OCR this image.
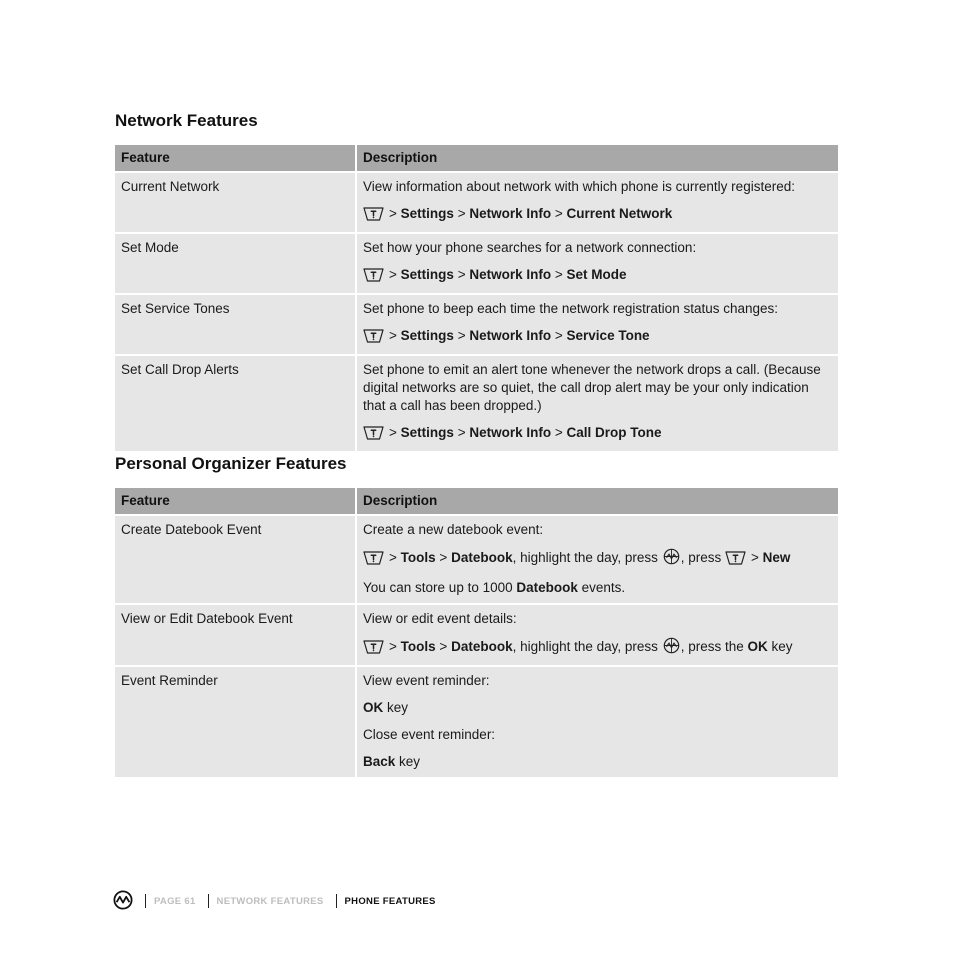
Network Features
Feature	Description
Current Network	View information about network with which phone is currently registered:

> Settings > Network Info > Current Network

Set Mode	Set how your phone searches for a network connection:

> Settings > Network Info > Set Mode

Set Service Tones	Set phone to beep each time the network registration status changes:

> Settings > Network Info > Service Tone

Set Call Drop Alerts	Set phone to emit an alert tone whenever the network drops a call. (Because digital networks are so quiet, the call drop alert may be your only indication that a call has been dropped.)

> Settings > Network Info > Call Drop Tone

Personal Organizer Features
Feature	Description
Create Datebook Event	Create a new datebook event:

> Tools > Datebook, highlight the day, press , press > New

You can store up to 1000 Datebook events.

View or Edit Datebook Event	View or edit event details:

> Tools > Datebook, highlight the day, press , press the OK key

Event Reminder	View event reminder:

OK key

Close event reminder:

Back key

PAGE 61 NETWORK FEATURES PHONE FEATURES
